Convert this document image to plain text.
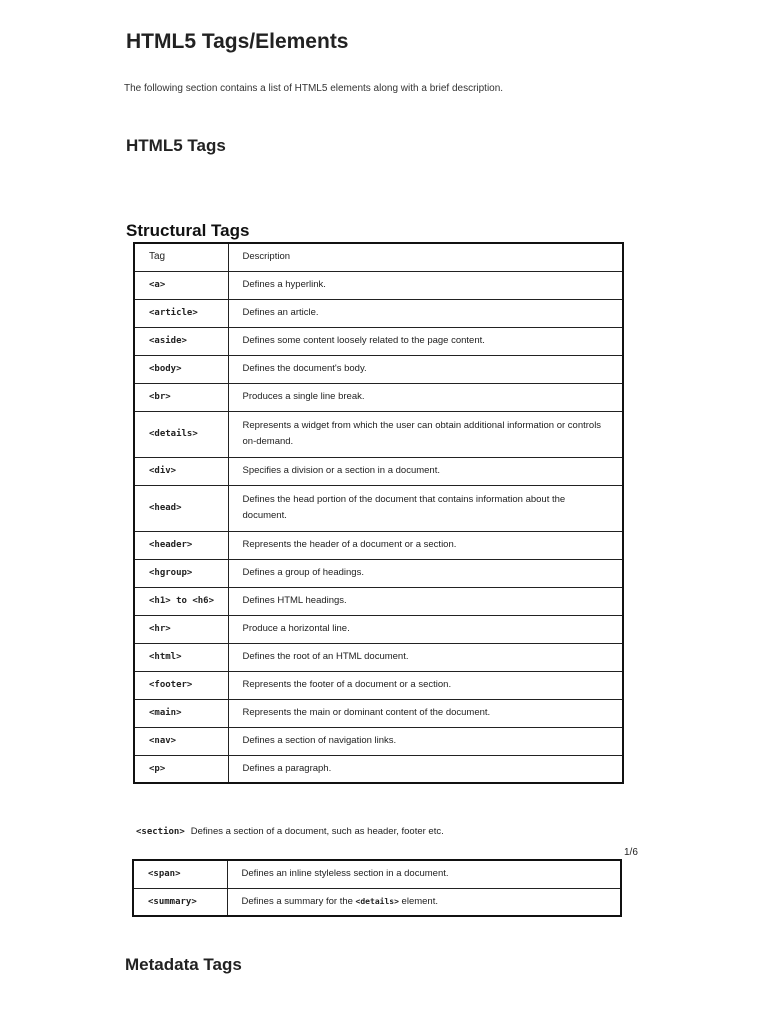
HTML5 Tags/Elements

The following section contains a list of HTML5 elements along with a brief description.

HTML5 Tags
Structural Tags
Tag	Description
<a>	Defines a hyperlink.
<article>	Defines an article.
<aside>	Defines some content loosely related to the page content.
<body>	Defines the document's body.
<br>	Produces a single line break.
<details>	Represents a widget from which the user can obtain additional information or controls on-demand.
<div>	Specifies a division or a section in a document.
<head>	Defines the head portion of the document that contains information about the document.
<header>	Represents the header of a document or a section.
<hgroup>	Defines a group of headings.
<h1> to <h6>	Defines HTML headings.
<hr>	Produce a horizontal line.
<html>	Defines the root of an HTML document.
<footer>	Represents the footer of a document or a section.
<main>	Represents the main or dominant content of the document.
<nav>	Defines a section of navigation links.
<p>	Defines a paragraph.
<section> Defines a section of a document, such as header, footer etc.
1/6
<span>	Defines an inline styleless section in a document.
<summary>	Defines a summary for the <details> element.
Metadata Tags
